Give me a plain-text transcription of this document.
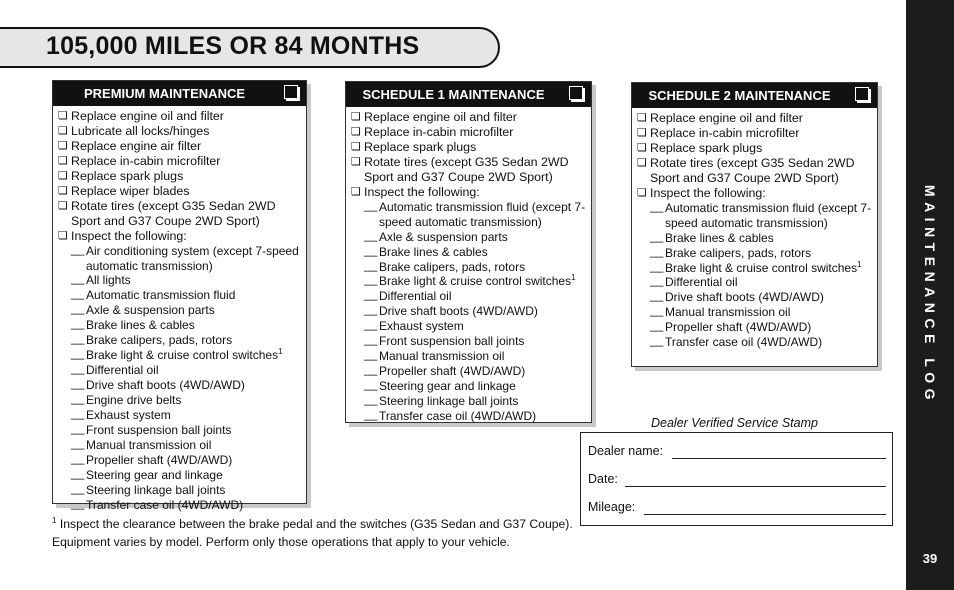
105,000 MILES OR 84 MONTHS
MAINTENANCE LOG
39
PREMIUM MAINTENANCE
❏ Replace engine oil and filter
❏ Lubricate all locks/hinges
❏ Replace engine air filter
❏ Replace in-cabin microfilter
❏ Replace spark plugs
❏ Replace wiper blades
❏ Rotate tires (except G35 Sedan 2WD Sport and G37 Coupe 2WD Sport)
❏ Inspect the following:
__ Air conditioning system (except 7-speed automatic transmission)
__ All lights
__ Automatic transmission fluid
__ Axle & suspension parts
__ Brake lines & cables
__ Brake calipers, pads, rotors
__ Brake light & cruise control switches$^1$
__ Differential oil
__ Drive shaft boots (4WD/AWD)
__ Engine drive belts
__ Exhaust system
__ Front suspension ball joints
__ Manual transmission oil
__ Propeller shaft (4WD/AWD)
__ Steering gear and linkage
__ Steering linkage ball joints
__ Transfer case oil (4WD/AWD)
SCHEDULE 1 MAINTENANCE
❏ Replace engine oil and filter
❏ Replace in-cabin microfilter
❏ Replace spark plugs
❏ Rotate tires (except G35 Sedan 2WD Sport and G37 Coupe 2WD Sport)
❏ Inspect the following:
__ Automatic transmission fluid (except 7-speed automatic transmission)
__ Axle & suspension parts
__ Brake lines & cables
__ Brake calipers, pads, rotors
__ Brake light & cruise control switches$^1$
__ Differential oil
__ Drive shaft boots (4WD/AWD)
__ Exhaust system
__ Front suspension ball joints
__ Manual transmission oil
__ Propeller shaft (4WD/AWD)
__ Steering gear and linkage
__ Steering linkage ball joints
__ Transfer case oil (4WD/AWD)
SCHEDULE 2 MAINTENANCE
❏ Replace engine oil and filter
❏ Replace in-cabin microfilter
❏ Replace spark plugs
❏ Rotate tires (except G35 Sedan 2WD Sport and G37 Coupe 2WD Sport)
❏ Inspect the following:
__ Automatic transmission fluid (except 7-speed automatic transmission)
__ Brake lines & cables
__ Brake calipers, pads, rotors
__ Brake light & cruise control switches$^1$
__ Differential oil
__ Drive shaft boots (4WD/AWD)
__ Manual transmission oil
__ Propeller shaft (4WD/AWD)
__ Transfer case oil (4WD/AWD)
$^1$ Inspect the clearance between the brake pedal and the switches (G35 Sedan and G37 Coupe).
Equipment varies by model. Perform only those operations that apply to your vehicle.
Dealer Verified Service Stamp
Dealer name:
Date:
Mileage:
